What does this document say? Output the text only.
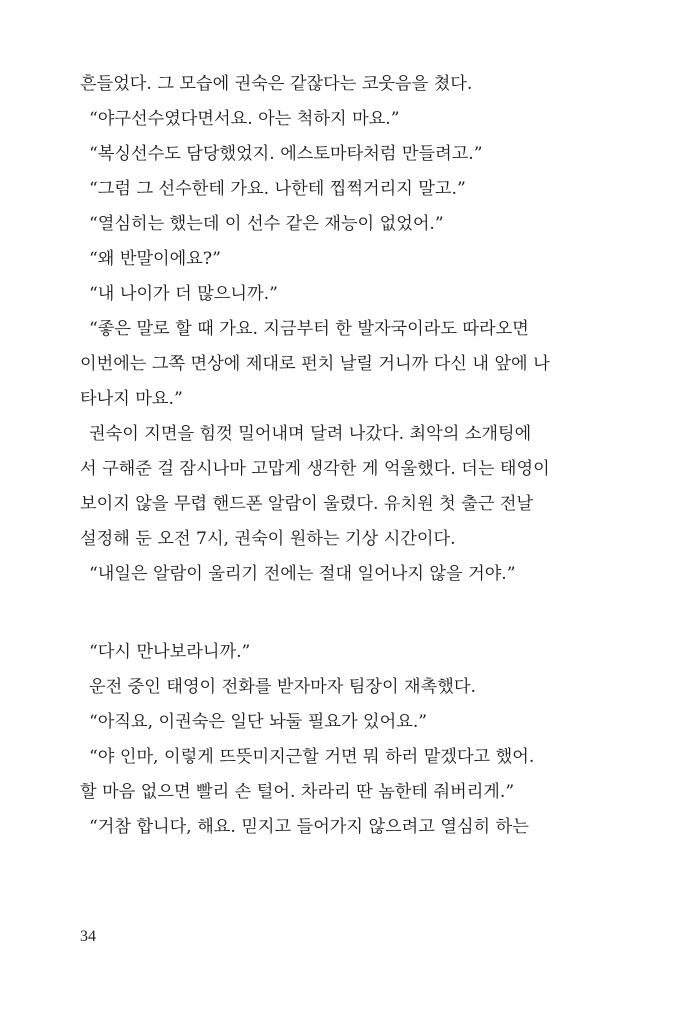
흔들었다. 그 모습에 권숙은 같잖다는 코웃음을 쳤다.
“야구선수였다면서요. 아는 척하지 마요.”
“복싱선수도 담당했었지. 에스토마타처럼 만들려고.”
“그럼 그 선수한테 가요. 나한테 찝쩍거리지 말고.”
“열심히는 했는데 이 선수 같은 재능이 없었어.”
“왜 반말이에요?”
“내 나이가 더 많으니까.”
“좋은 말로 할 때 가요. 지금부터 한 발자국이라도 따라오면
이번에는 그쪽 면상에 제대로 펀치 날릴 거니까 다신 내 앞에 나
타나지 마요.”
권숙이 지면을 힘껏 밀어내며 달려 나갔다. 최악의 소개팅에
서 구해준 걸 잠시나마 고맙게 생각한 게 억울했다. 더는 태영이
보이지 않을 무렵 핸드폰 알람이 울렸다. 유치원 첫 출근 전날
설정해 둔 오전 7시, 권숙이 원하는 기상 시간이다.
“내일은 알람이 울리기 전에는 절대 일어나지 않을 거야.”
“다시 만나보라니까.”
운전 중인 태영이 전화를 받자마자 팀장이 재촉했다.
“아직요, 이권숙은 일단 놔둘 필요가 있어요.”
“야 인마, 이렇게 뜨뜻미지근할 거면 뭐 하러 맡겠다고 했어.
할 마음 없으면 빨리 손 털어. 차라리 딴 놈한테 줘버리게.”
“거참 합니다, 해요. 믿지고 들어가지 않으려고 열심히 하는
34
